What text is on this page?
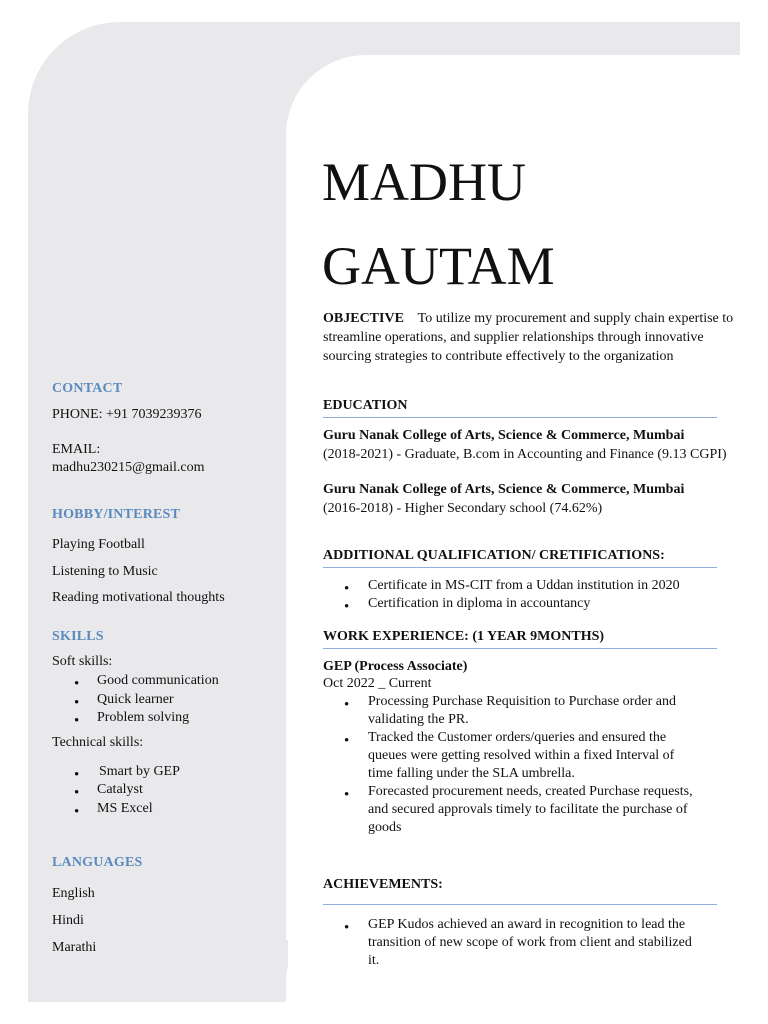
CONTACT
PHONE: +91 7039239376
EMAIL:
madhu230215@gmail.com
HOBBY/INTEREST
Playing Football
Listening to Music
Reading motivational thoughts
SKILLS
Soft skills:
• Good communication
• Quick learner
• Problem solving
Technical skills:
• Smart by GEP
• Catalyst
• MS Excel
LANGUAGES
English
Hindi
Marathi
MADHU
GAUTAM
OBJECTIVE To utilize my procurement and supply chain expertise to streamline operations, and supplier relationships through innovative sourcing strategies to contribute effectively to the organization
EDUCATION
Guru Nanak College of Arts, Science & Commerce, Mumbai
(2018-2021) - Graduate, B.com in Accounting and Finance (9.13 CGPI)
Guru Nanak College of Arts, Science & Commerce, Mumbai
(2016-2018) - Higher Secondary school (74.62%)
ADDITIONAL QUALIFICATION/ CRETIFICATIONS:
• Certificate in MS-CIT from a Uddan institution in 2020
• Certification in diploma in accountancy
WORK EXPERIENCE: (1 YEAR 9MONTHS)
GEP (Process Associate)
Oct 2022 _ Current
• Processing Purchase Requisition to Purchase order and validating the PR.
• Tracked the Customer orders/queries and ensured the queues were getting resolved within a fixed Interval of time falling under the SLA umbrella.
• Forecasted procurement needs, created Purchase requests, and secured approvals timely to facilitate the purchase of goods
ACHIEVEMENTS:
• GEP Kudos achieved an award in recognition to lead the transition of new scope of work from client and stabilized it.
